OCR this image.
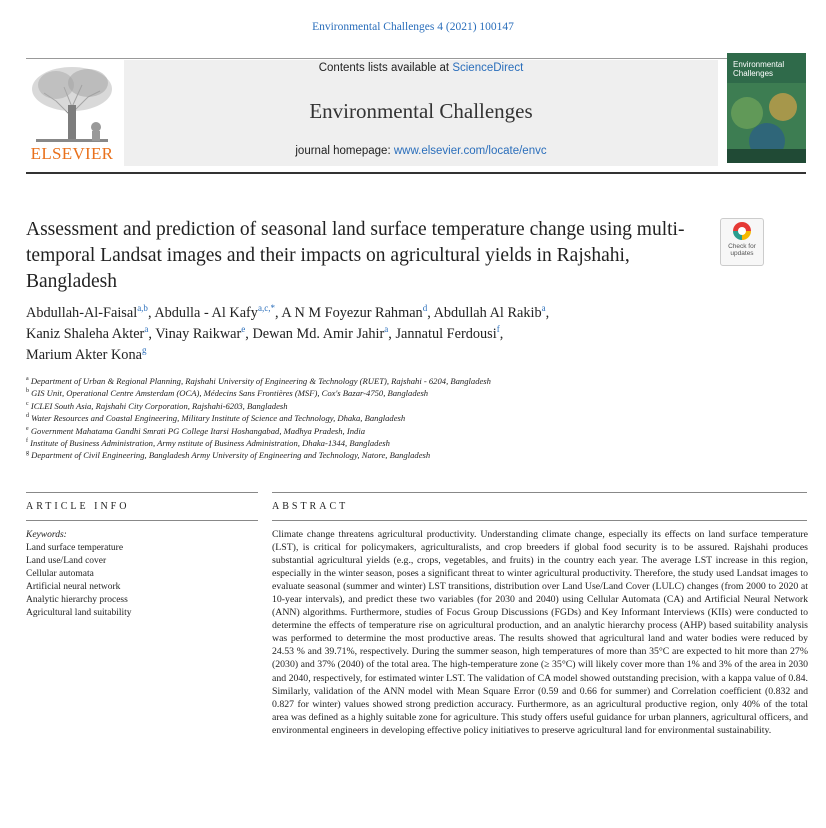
Environmental Challenges 4 (2021) 100147
ELSEVIER
Contents lists available at ScienceDirect
Environmental Challenges
journal homepage: www.elsevier.com/locate/envc
Environmental Challenges
Assessment and prediction of seasonal land surface temperature change using multi-temporal Landsat images and their impacts on agricultural yields in Rajshahi, Bangladesh
Check for updates
Abdullah-Al-Faisal$^{a,b}$, Abdulla - Al Kafy$^{a,c,*}$, A N M Foyezur Rahman$^d$, Abdullah Al Rakib$^a$,
Kaniz Shaleha Akter$^a$, Vinay Raikwar$^e$, Dewan Md. Amir Jahir$^a$, Jannatul Ferdousi$^f$,
Marium Akter Kona$^g$
$^a$ Department of Urban & Regional Planning, Rajshahi University of Engineering & Technology (RUET), Rajshahi - 6204, Bangladesh
$^b$ GIS Unit, Operational Centre Amsterdam (OCA), Médecins Sans Frontières (MSF), Cox's Bazar-4750, Bangladesh
$^c$ ICLEI South Asia, Rajshahi City Corporation, Rajshahi-6203, Bangladesh
$^d$ Water Resources and Coastal Engineering, Military Institute of Science and Technology, Dhaka, Bangladesh
$^e$ Government Mahatama Gandhi Smrati PG College Itarsi Hoshangabad, Madhya Pradesh, India
$^f$ Institute of Business Administration, Army nstitute of Business Administration, Dhaka-1344, Bangladesh
$^g$ Department of Civil Engineering, Bangladesh Army University of Engineering and Technology, Natore, Bangladesh
ARTICLE INFO	ABSTRACT
Keywords:
Land surface temperature
Land use/Land cover
Cellular automata
Artificial neural network
Analytic hierarchy process
Agricultural land suitability
Climate change threatens agricultural productivity. Understanding climate change, especially its effects on land surface temperature (LST), is critical for policymakers, agriculturalists, and crop breeders if global food security is to be assured. Rajshahi produces substantial agricultural yields (e.g., crops, vegetables, and fruits) in the country each year. The average LST increase in this region, especially in the winter season, poses a significant threat to winter agricultural productivity. Therefore, the study used Landsat images to evaluate seasonal (summer and winter) LST transitions, distribution over Land Use/Land Cover (LULC) changes (from 2000 to 2020 at 10-year intervals), and predict these two variables (for 2030 and 2040) using Cellular Automata (CA) and Artificial Neural Network (ANN) algorithms. Furthermore, studies of Focus Group Discussions (FGDs) and Key Informant Interviews (KIIs) were conducted to determine the effects of temperature rise on agricultural production, and an analytic hierarchy process (AHP) based suitability analysis was performed to determine the most productive areas. The results showed that agricultural land and water bodies were reduced by 24.53 % and 39.71%, respectively. During the summer season, high temperatures of more than 35°C are expected to hit more than 27% (2030) and 37% (2040) of the total area. The high-temperature zone (≥ 35°C) will likely cover more than 1% and 3% of the area in 2030 and 2040, respectively, for estimated winter LST. The validation of CA model showed outstanding precision, with a kappa value of 0.84. Similarly, validation of the ANN model with Mean Square Error (0.59 and 0.66 for summer) and Correlation coefficient (0.832 and 0.827 for winter) values showed strong prediction accuracy. Furthermore, as an agricultural productive region, only 40% of the total area was defined as a highly suitable zone for agriculture. This study offers useful guidance for urban planners, agricultural officers, and environmental engineers in developing effective policy initiatives to preserve agricultural land for environmental sustainability.
